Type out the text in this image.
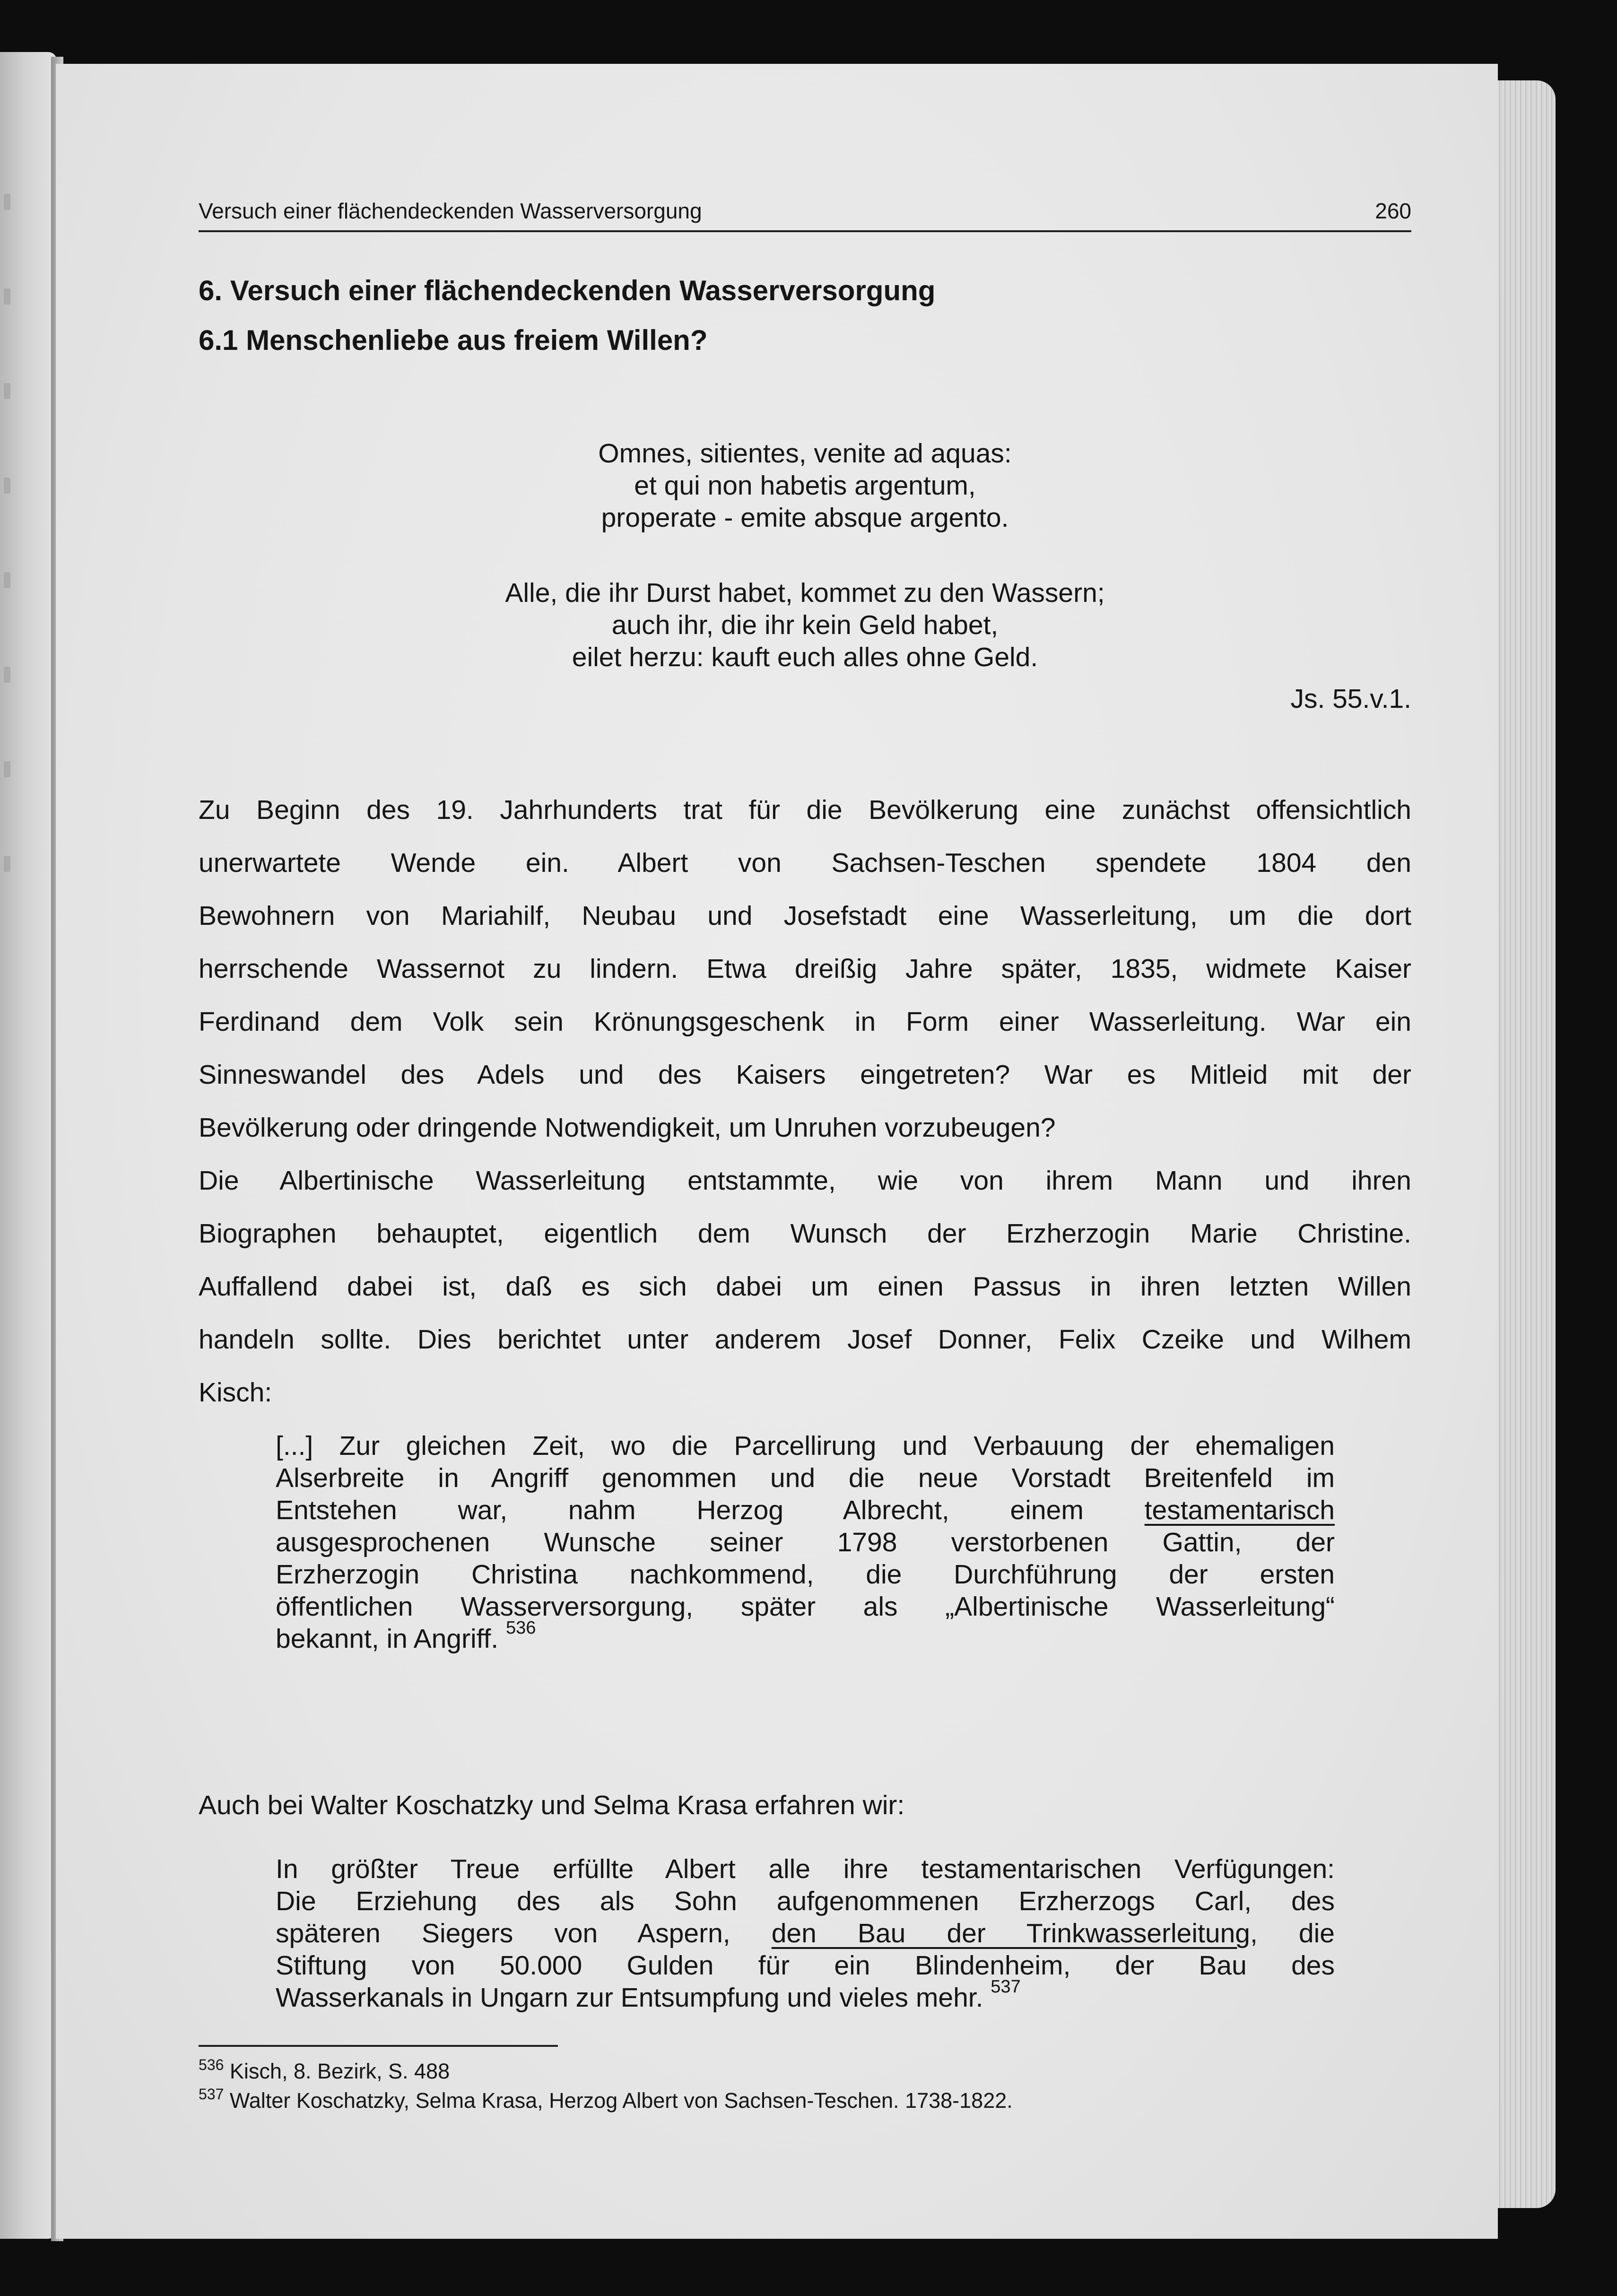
Versuch einer flächendeckenden Wasserversorgung	260
6. Versuch einer flächendeckenden Wasserversorgung
6.1 Menschenliebe aus freiem Willen?
Omnes, sitientes, venite ad aquas:
et qui non habetis argentum,
properate - emite absque argento.
Alle, die ihr Durst habet, kommet zu den Wassern;
auch ihr, die ihr kein Geld habet,
eilet herzu: kauft euch alles ohne Geld.
Js. 55.v.1.
Zu Beginn des 19. Jahrhunderts trat für die Bevölkerung eine zunächst offensichtlich
unerwartete Wende ein. Albert von Sachsen-Teschen spendete 1804 den
Bewohnern von Mariahilf, Neubau und Josefstadt eine Wasserleitung, um die dort
herrschende Wassernot zu lindern. Etwa dreißig Jahre später, 1835, widmete Kaiser
Ferdinand dem Volk sein Krönungsgeschenk in Form einer Wasserleitung. War ein
Sinneswandel des Adels und des Kaisers eingetreten? War es Mitleid mit der
Bevölkerung oder dringende Notwendigkeit, um Unruhen vorzubeugen?
Die Albertinische Wasserleitung entstammte, wie von ihrem Mann und ihren
Biographen behauptet, eigentlich dem Wunsch der Erzherzogin Marie Christine.
Auffallend dabei ist, daß es sich dabei um einen Passus in ihren letzten Willen
handeln sollte. Dies berichtet unter anderem Josef Donner, Felix Czeike und Wilhem
Kisch:
[...] Zur gleichen Zeit, wo die Parcellirung und Verbauung der ehemaligen
Alserbreite in Angriff genommen und die neue Vorstadt Breitenfeld im
Entstehen war, nahm Herzog Albrecht, einem testamentarisch
ausgesprochenen Wunsche seiner 1798 verstorbenen Gattin, der
Erzherzogin Christina nachkommend, die Durchführung der ersten
öffentlichen Wasserversorgung, später als „Albertinische Wasserleitung“
bekannt, in Angriff. $^{536}$
Auch bei Walter Koschatzky und Selma Krasa erfahren wir:
In größter Treue erfüllte Albert alle ihre testamentarischen Verfügungen:
Die Erziehung des als Sohn aufgenommenen Erzherzogs Carl, des
späteren Siegers von Aspern, den Bau der Trinkwasserleitung, die
Stiftung von 50.000 Gulden für ein Blindenheim, der Bau des
Wasserkanals in Ungarn zur Entsumpfung und vieles mehr. $^{537}$
$^{536}$ Kisch, 8. Bezirk, S. 488
$^{537}$ Walter Koschatzky, Selma Krasa, Herzog Albert von Sachsen-Teschen. 1738-1822.
